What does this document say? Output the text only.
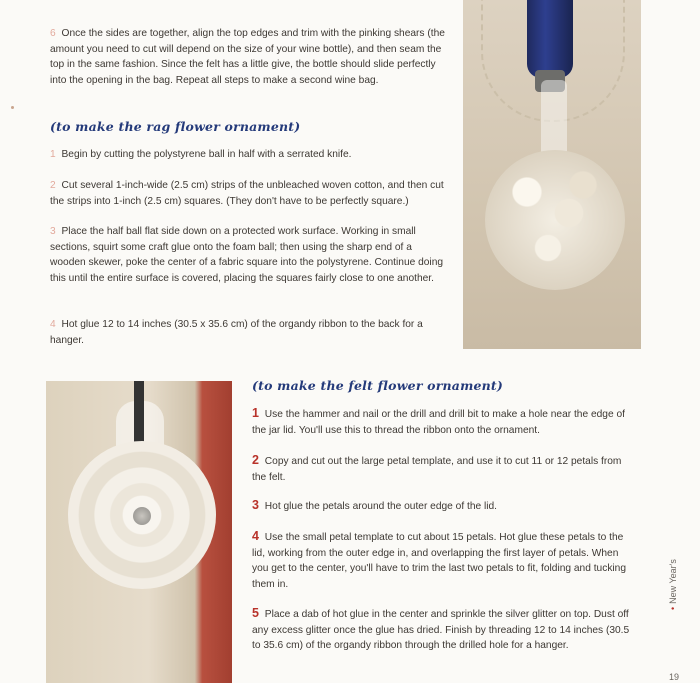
6 Once the sides are together, align the top edges and trim with the pinking shears (the amount you need to cut will depend on the size of your wine bottle), and then seam the top in the same fashion. Since the felt has a little give, the bottle should slide perfectly into the opening in the bag. Repeat all steps to make a second wine bag.
(to make the rag flower ornament)
1 Begin by cutting the polystyrene ball in half with a serrated knife.
2 Cut several 1-inch-wide (2.5 cm) strips of the unbleached woven cotton, and then cut the strips into 1-inch (2.5 cm) squares. (They don't have to be perfectly square.)
3 Place the half ball flat side down on a protected work surface. Working in small sections, squirt some craft glue onto the foam ball; then using the sharp end of a wooden skewer, poke the center of a fabric square into the polystyrene. Continue doing this until the entire surface is covered, placing the squares fairly close to one another.
4 Hot glue 12 to 14 inches (30.5 x 35.6 cm) of the organdy ribbon to the back for a hanger.
(to make the felt flower ornament)
1 Use the hammer and nail or the drill and drill bit to make a hole near the edge of the jar lid. You'll use this to thread the ribbon onto the ornament.
2 Copy and cut out the large petal template, and use it to cut 11 or 12 petals from the felt.
3 Hot glue the petals around the outer edge of the lid.
4 Use the small petal template to cut about 15 petals. Hot glue these petals to the lid, working from the outer edge in, and overlapping the first layer of petals. When you get to the center, you'll have to trim the last two petals to fit, folding and tucking them in.
5 Place a dab of hot glue in the center and sprinkle the silver glitter on top. Dust off any excess glitter once the glue has dried. Finish by threading 12 to 14 inches (30.5 to 35.6 cm) of the organdy ribbon through the drilled hole for a hanger.
•New Year's
19
